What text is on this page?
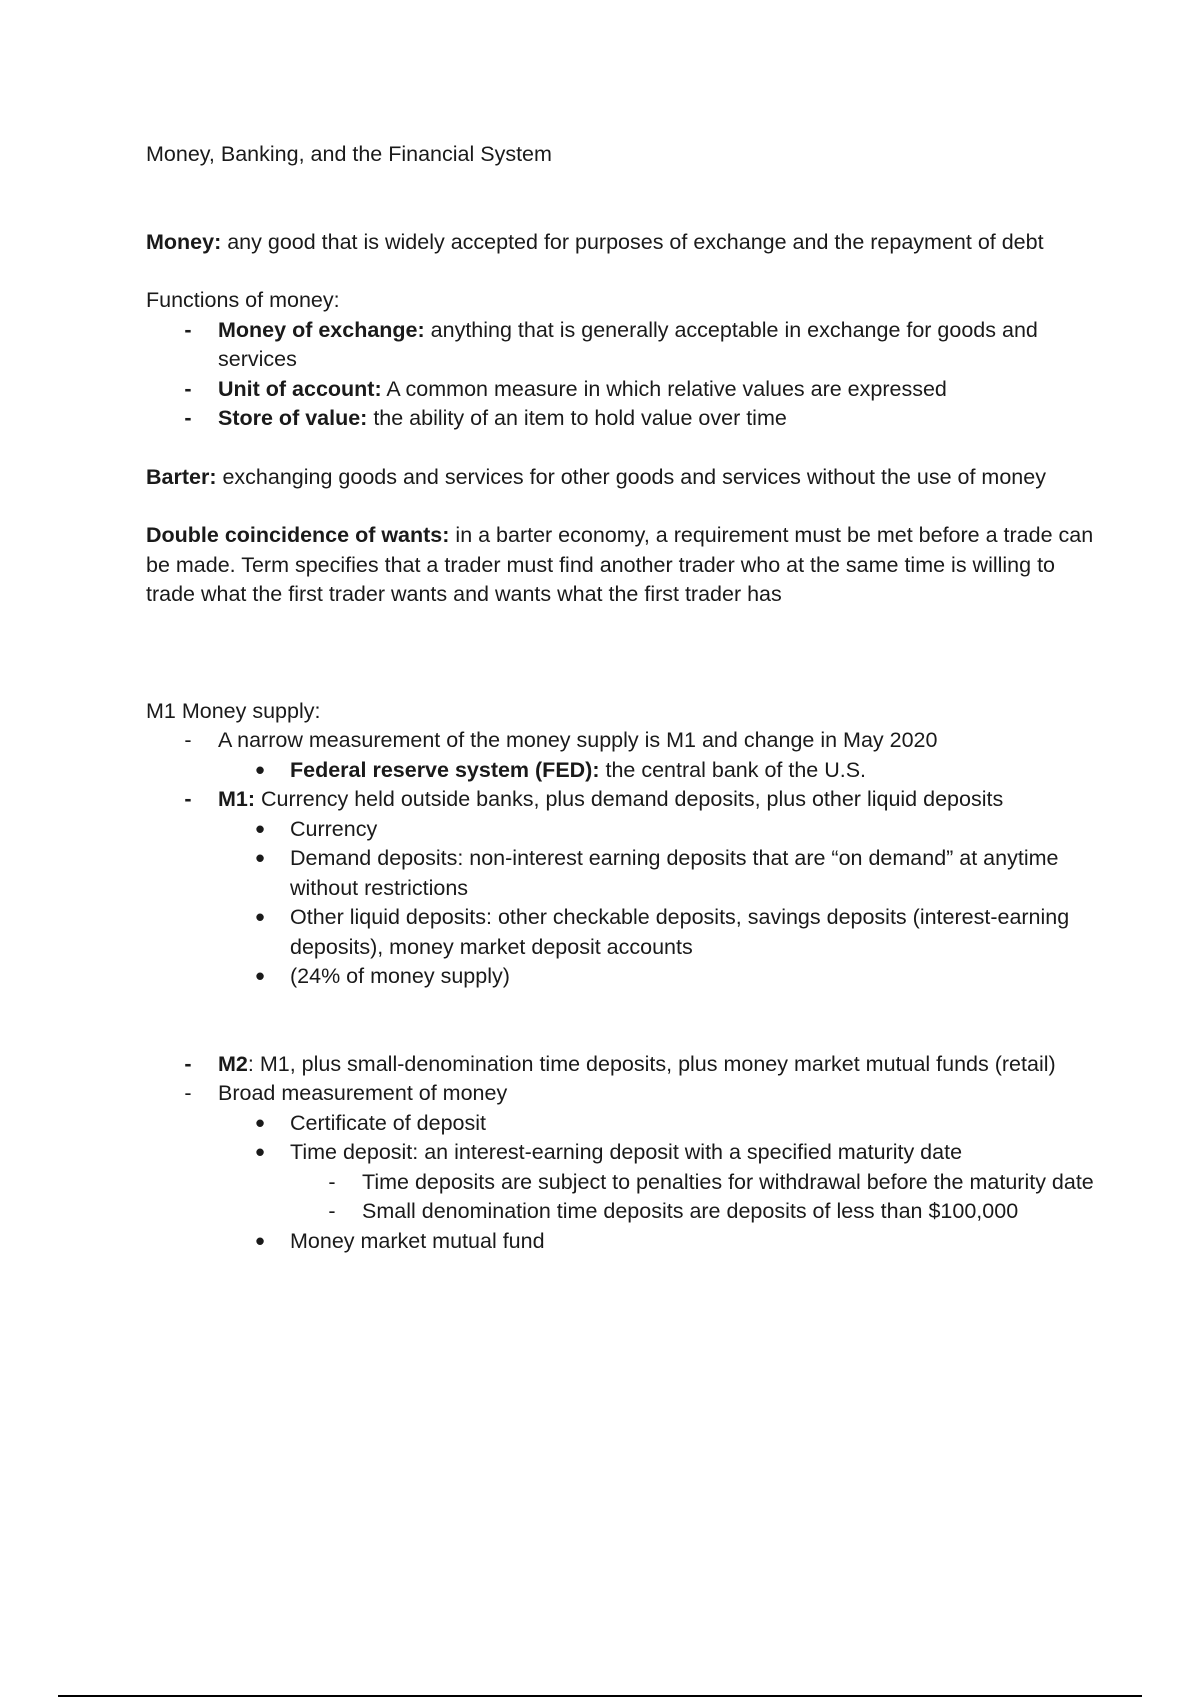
Money, Banking, and the Financial System

Money: any good that is widely accepted for purposes of exchange and the repayment of debt

Functions of money:

-
Money of exchange: anything that is generally acceptable in exchange for goods and services
-
Unit of account: A common measure in which relative values are expressed
-
Store of value: the ability of an item to hold value over time

Barter: exchanging goods and services for other goods and services without the use of money

Double coincidence of wants: in a barter economy, a requirement must be met before a trade can be made. Term specifies that a trader must find another trader who at the same time is willing to trade what the first trader wants and wants what the first trader has

M1 Money supply:

-
A narrow measurement of the money supply is M1 and change in May 2020
•
Federal reserve system (FED): the central bank of the U.S.
-
M1: Currency held outside banks, plus demand deposits, plus other liquid deposits
•
Currency
•
Demand deposits: non-interest earning deposits that are “on demand” at anytime without restrictions
•
Other liquid deposits: other checkable deposits, savings deposits (interest-earning deposits), money market deposit accounts
•
(24% of money supply)
-
M2: M1, plus small-denomination time deposits, plus money market mutual funds (retail)
-
Broad measurement of money
•
Certificate of deposit
•
Time deposit: an interest-earning deposit with a specified maturity date
-
Time deposits are subject to penalties for withdrawal before the maturity date
-
Small denomination time deposits are deposits of less than $100,000
•
Money market mutual fund
